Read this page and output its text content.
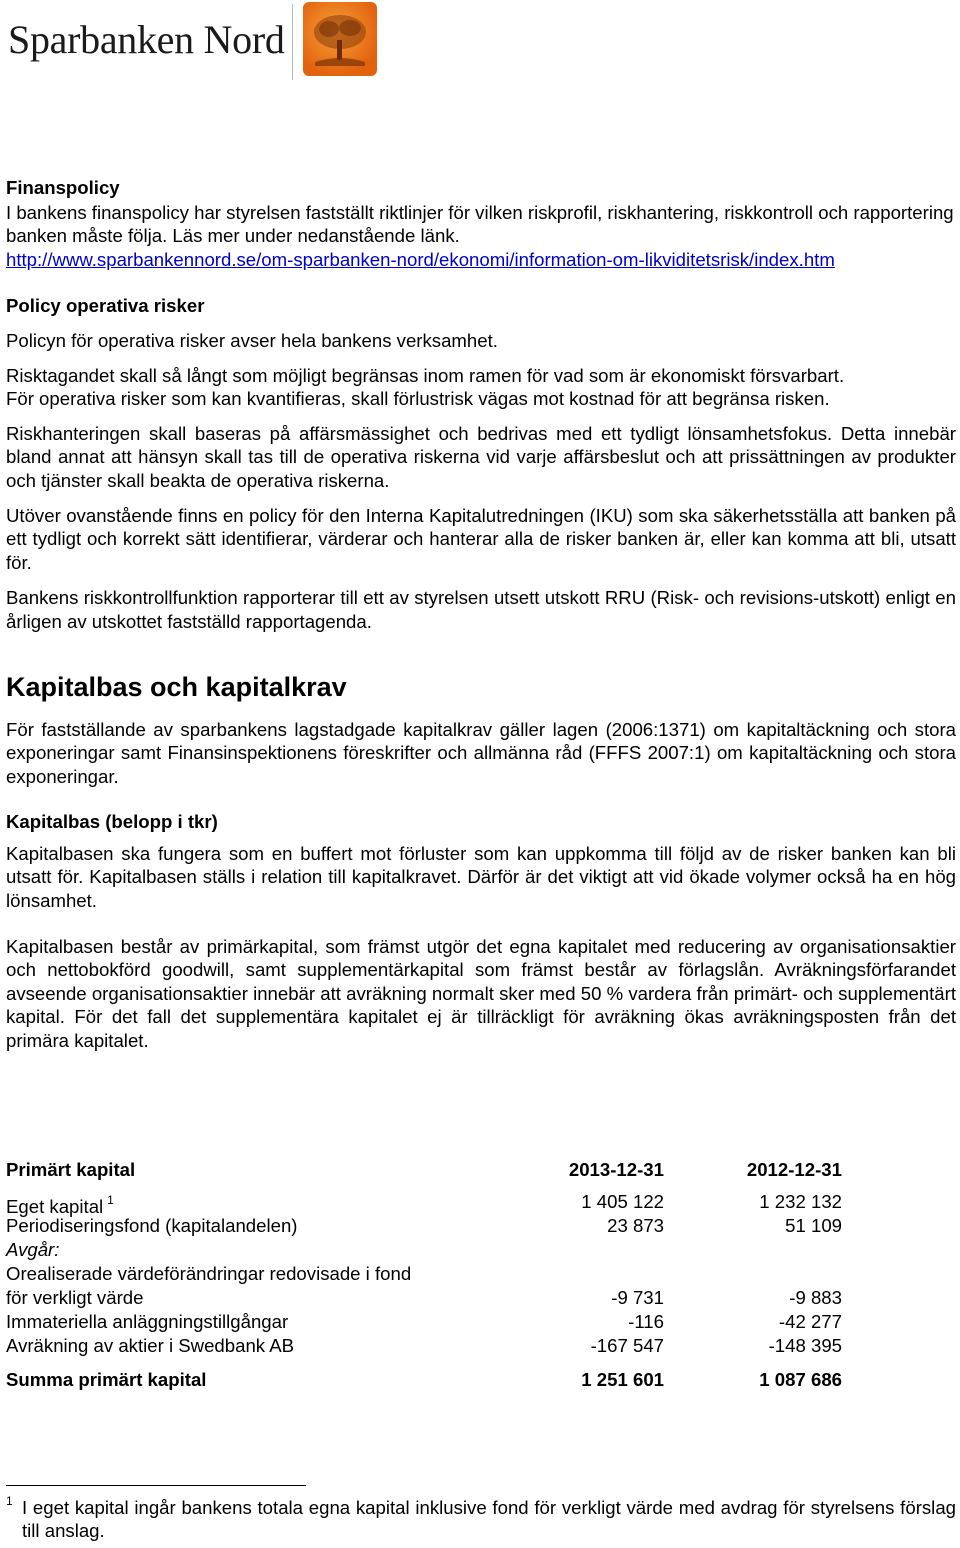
Sparbanken Nord

Finanspolicy

I bankens finanspolicy har styrelsen fastställt riktlinjer för vilken riskprofil, riskhantering, riskkontroll och rapportering banken måste följa. Läs mer under nedanstående länk.

http://www.sparbankennord.se/om-sparbanken-nord/ekonomi/information-om-likviditetsrisk/index.htm

Policy operativa risker

Policyn för operativa risker avser hela bankens verksamhet.

Risktagandet skall så långt som möjligt begränsas inom ramen för vad som är ekonomiskt försvarbart.

För operativa risker som kan kvantifieras, skall förlustrisk vägas mot kostnad för att begränsa risken.

Riskhanteringen skall baseras på affärsmässighet och bedrivas med ett tydligt lönsamhetsfokus. Detta innebär bland annat att hänsyn skall tas till de operativa riskerna vid varje affärsbeslut och att prissättningen av produkter och tjänster skall beakta de operativa riskerna.

Utöver ovanstående finns en policy för den Interna Kapitalutredningen (IKU) som ska säkerhetsställa att banken på ett tydligt och korrekt sätt identifierar, värderar och hanterar alla de risker banken är, eller kan komma att bli, utsatt för.

Bankens riskkontrollfunktion rapporterar till ett av styrelsen utsett utskott RRU (Risk- och revisions-utskott) enligt en årligen av utskottet fastställd rapportagenda.

Kapitalbas och kapitalkrav

För fastställande av sparbankens lagstadgade kapitalkrav gäller lagen (2006:1371) om kapitaltäckning och stora exponeringar samt Finansinspektionens föreskrifter och allmänna råd (FFFS 2007:1) om kapitaltäckning och stora exponeringar.

Kapitalbas (belopp i tkr)

Kapitalbasen ska fungera som en buffert mot förluster som kan uppkomma till följd av de risker banken kan bli utsatt för. Kapitalbasen ställs i relation till kapitalkravet. Därför är det viktigt att vid ökade volymer också ha en hög lönsamhet.

Kapitalbasen består av primärkapital, som främst utgör det egna kapitalet med reducering av organisationsaktier och nettobokförd goodwill, samt supplementärkapital som främst består av förlagslån. Avräkningsförfarandet avseende organisationsaktier innebär att avräkning normalt sker med 50 % vardera från primärt- och supplementärt kapital. För det fall det supplementära kapitalet ej är tillräckligt för avräkning ökas avräkningsposten från det primära kapitalet.

Primärt kapital	2013-12-31	2012-12-31
Eget kapital $^1$	1 405 122	1 232 132
Periodiseringsfond (kapitalandelen)	23 873	51 109
Avgår:
Orealiserade värdeförändringar redovisade i fond
för verkligt värde	-9 731	-9 883
Immateriella anläggningstillgångar	-116	-42 277
Avräkning av aktier i Swedbank AB	-167 547	-148 395
Summa primärt kapital	1 251 601	1 087 686
1 I eget kapital ingår bankens totala egna kapital inklusive fond för verkligt värde med avdrag för styrelsens förslag till anslag.
